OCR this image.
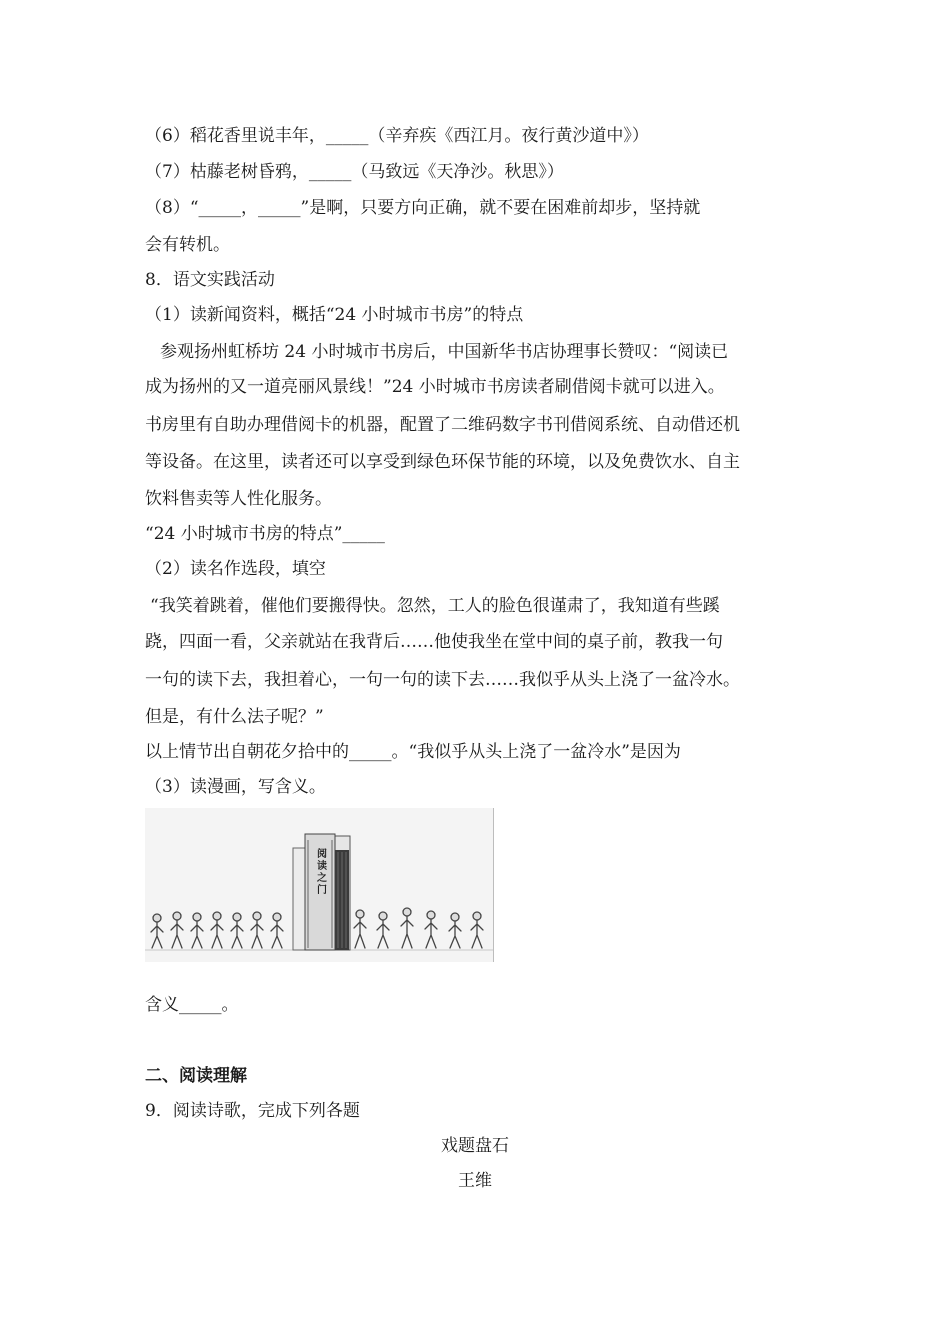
（6）稻花香里说丰年，_____（辛弃疾《西江月。夜行黄沙道中》）
（7）枯藤老树昏鸦，_____（马致远《天净沙。秋思》）
（8）“_____，_____”是啊，只要方向正确，就不要在困难前却步，坚持就
会有转机。
8．语文实践活动
（1）读新闻资料，概括“24 小时城市书房”的特点
参观扬州虹桥坊 24 小时城市书房后，中国新华书店协理事长赞叹：“阅读已
成为扬州的又一道亮丽风景线！”24 小时城市书房读者刷借阅卡就可以进入。
书房里有自助办理借阅卡的机器，配置了二维码数字书刊借阅系统、自动借还机
等设备。在这里，读者还可以享受到绿色环保节能的环境，以及免费饮水、自主
饮料售卖等人性化服务。
“24 小时城市书房的特点”_____
（2）读名作选段，填空
“我笑着跳着，催他们要搬得快。忽然，工人的脸色很谨肃了，我知道有些蹊
跷，四面一看，父亲就站在我背后……他使我坐在堂中间的桌子前，教我一句
一句的读下去，我担着心，一句一句的读下去……我似乎从头上浇了一盆冷水。
但是，有什么法子呢？”
以上情节出自朝花夕拾中的_____。“我似乎从头上浇了一盆冷水”是因为
（3）读漫画，写含义。
阅读之门
含义_____。
二、阅读理解
9．阅读诗歌，完成下列各题
戏题盘石
王维
